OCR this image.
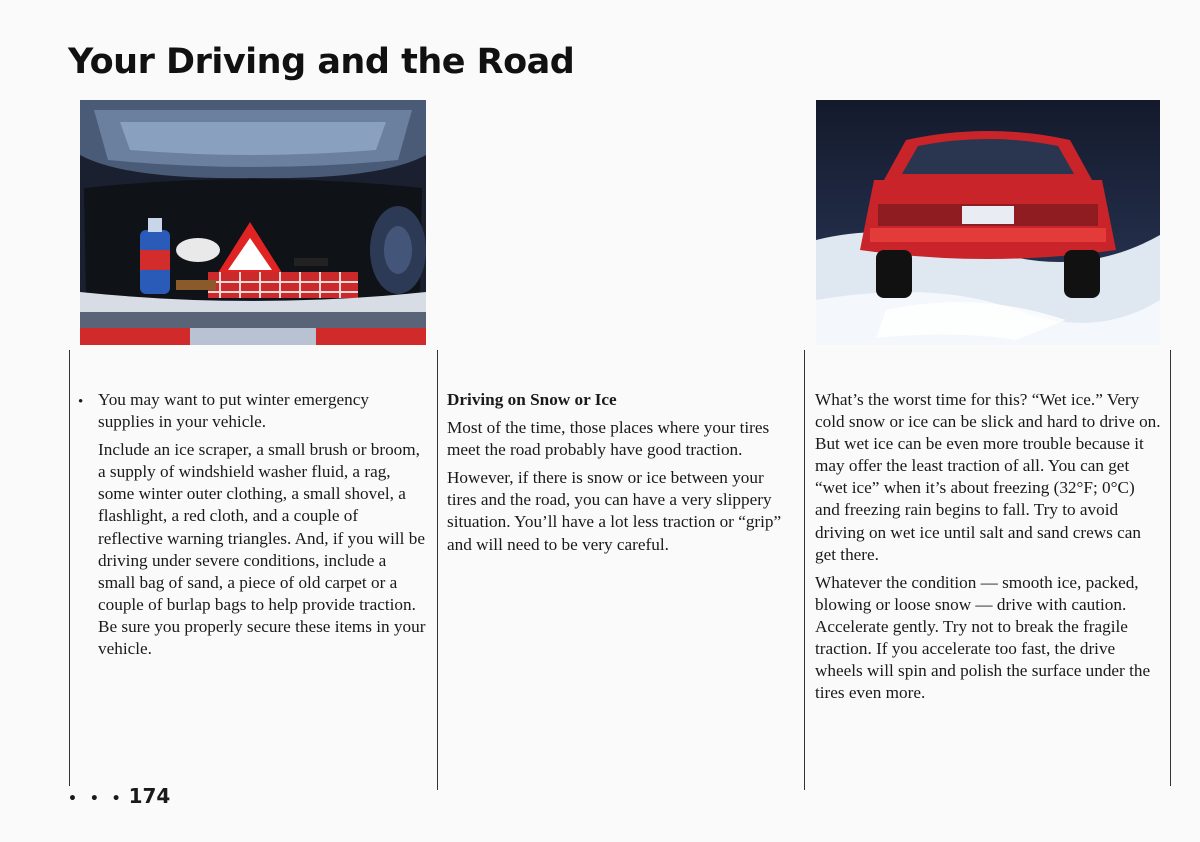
Your Driving and the Road

• You may want to put winter emergency supplies in your vehicle.

Include an ice scraper, a small brush or broom, a supply of windshield washer fluid, a rag, some winter outer clothing, a small shovel, a flashlight, a red cloth, and a couple of reflective warning triangles. And, if you will be driving under severe conditions, include a small bag of sand, a piece of old carpet or a couple of burlap bags to help provide traction. Be sure you properly secure these items in your vehicle.

Driving on Snow or Ice

Most of the time, those places where your tires meet the road probably have good traction.

However, if there is snow or ice between your tires and the road, you can have a very slippery situation. You’ll have a lot less traction or “grip” and will need to be very careful.

What’s the worst time for this? “Wet ice.” Very cold snow or ice can be slick and hard to drive on. But wet ice can be even more trouble because it may offer the least traction of all. You can get “wet ice” when it’s about freezing (32°F; 0°C) and freezing rain begins to fall. Try to avoid driving on wet ice until salt and sand crews can get there.

Whatever the condition — smooth ice, packed, blowing or loose snow — drive with caution. Accelerate gently. Try not to break the fragile traction. If you accelerate too fast, the drive wheels will spin and polish the surface under the tires even more.

• • • 174
